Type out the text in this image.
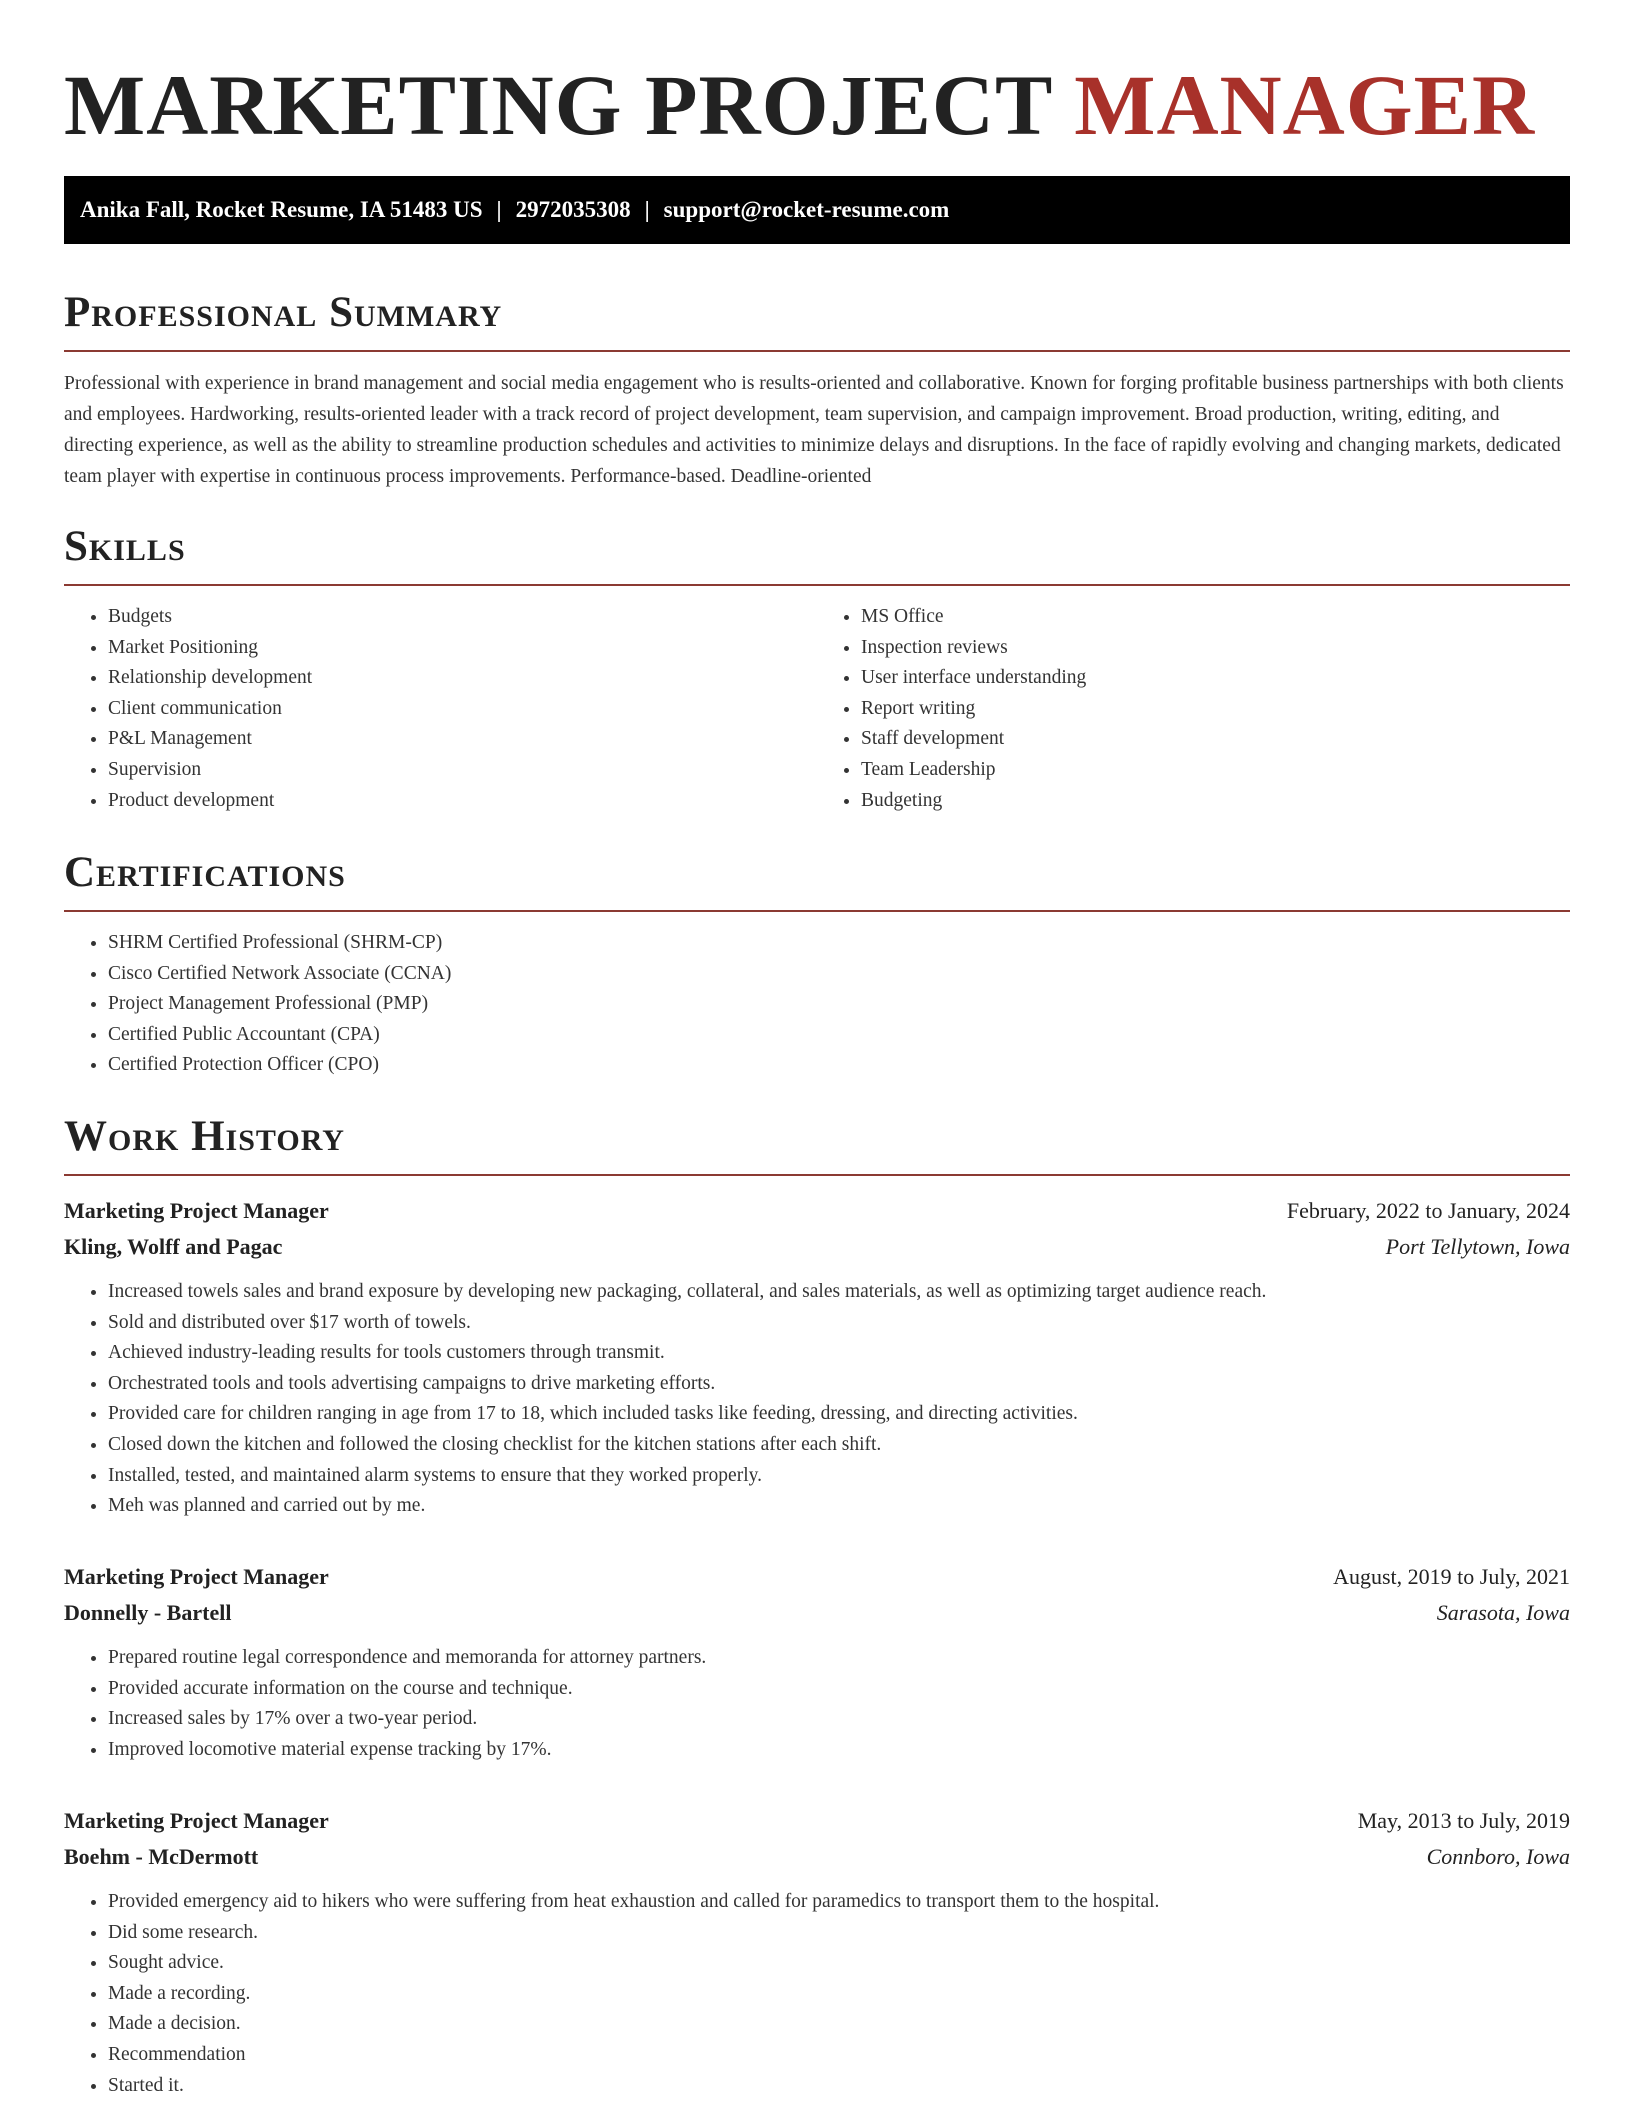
MARKETING PROJECT MANAGER
Anika Fall, Rocket Resume, IA 51483 US | 2972035308 | support@rocket-resume.com
Professional Summary

Professional with experience in brand management and social media engagement who is results-oriented and collaborative. Known for forging profitable business partnerships with both clients and employees. Hardworking, results-oriented leader with a track record of project development, team supervision, and campaign improvement. Broad production, writing, editing, and directing experience, as well as the ability to streamline production schedules and activities to minimize delays and disruptions. In the face of rapidly evolving and changing markets, dedicated team player with expertise in continuous process improvements. Performance-based. Deadline-oriented

Skills
• Budgets
• Market Positioning
• Relationship development
• Client communication
• P&L Management
• Supervision
• Product development
• MS Office
• Inspection reviews
• User interface understanding
• Report writing
• Staff development
• Team Leadership
• Budgeting
Certifications
• SHRM Certified Professional (SHRM-CP)
• Cisco Certified Network Associate (CCNA)
• Project Management Professional (PMP)
• Certified Public Accountant (CPA)
• Certified Protection Officer (CPO)
Work History
Marketing Project Manager	February, 2022 to January, 2024
Kling, Wolff and Pagac	Port Tellytown, Iowa
• Increased towels sales and brand exposure by developing new packaging, collateral, and sales materials, as well as optimizing target audience reach.
• Sold and distributed over $17 worth of towels.
• Achieved industry-leading results for tools customers through transmit.
• Orchestrated tools and tools advertising campaigns to drive marketing efforts.
• Provided care for children ranging in age from 17 to 18, which included tasks like feeding, dressing, and directing activities.
• Closed down the kitchen and followed the closing checklist for the kitchen stations after each shift.
• Installed, tested, and maintained alarm systems to ensure that they worked properly.
• Meh was planned and carried out by me.
Marketing Project Manager	August, 2019 to July, 2021
Donnelly - Bartell	Sarasota, Iowa
• Prepared routine legal correspondence and memoranda for attorney partners.
• Provided accurate information on the course and technique.
• Increased sales by 17% over a two-year period.
• Improved locomotive material expense tracking by 17%.
Marketing Project Manager	May, 2013 to July, 2019
Boehm - McDermott	Connboro, Iowa
• Provided emergency aid to hikers who were suffering from heat exhaustion and called for paramedics to transport them to the hospital.
• Did some research.
• Sought advice.
• Made a recording.
• Made a decision.
• Recommendation
• Started it.
